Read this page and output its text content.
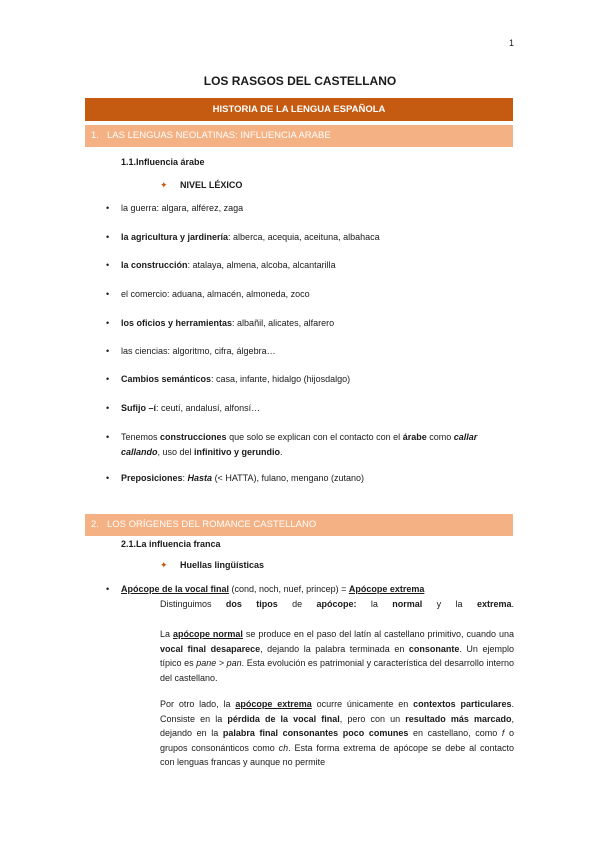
1
LOS RASGOS DEL CASTELLANO
HISTORIA DE LA LENGUA ESPAÑOLA
1. LAS LENGUAS NEOLATINAS: INFLUENCIA ARABE
1.1.Influencia árabe
✦ NIVEL LÉXICO
• la guerra: algara, alférez, zaga
• la agricultura y jardinería: alberca, acequia, aceituna, albahaca
• la construcción: atalaya, almena, alcoba, alcantarilla
• el comercio: aduana, almacén, almoneda, zoco
• los oficios y herramientas: albañil, alicates, alfarero
• las ciencias: algoritmo, cifra, álgebra…
• Cambios semánticos: casa, infante, hidalgo (hijosdalgo)
• Sufijo –í: ceutí, andalusí, alfonsí…
• Tenemos construcciones que solo se explican con el contacto con el árabe como callar callando, uso del infinitivo y gerundio.
• Preposiciones: Hasta (< HATTA), fulano, mengano (zutano)
2. LOS ORÍGENES DEL ROMANCE CASTELLANO
2.1.La influencia franca
✦ Huellas lingüísticas
• Apócope de la vocal final (cond, noch, nuef, princep) = Apócope extrema
Distinguimos dos tipos de apócope: la normal y la extrema.
La apócope normal se produce en el paso del latín al castellano primitivo, cuando una vocal final desaparece, dejando la palabra terminada en consonante. Un ejemplo típico es pane > pan. Esta evolución es patrimonial y característica del desarrollo interno del castellano.
Por otro lado, la apócope extrema ocurre únicamente en contextos particulares. Consiste en la pérdida de la vocal final, pero con un resultado más marcado, dejando en la palabra final consonantes poco comunes en castellano, como f o grupos consonánticos como ch. Esta forma extrema de apócope se debe al contacto con lenguas francas y aunque no permite
